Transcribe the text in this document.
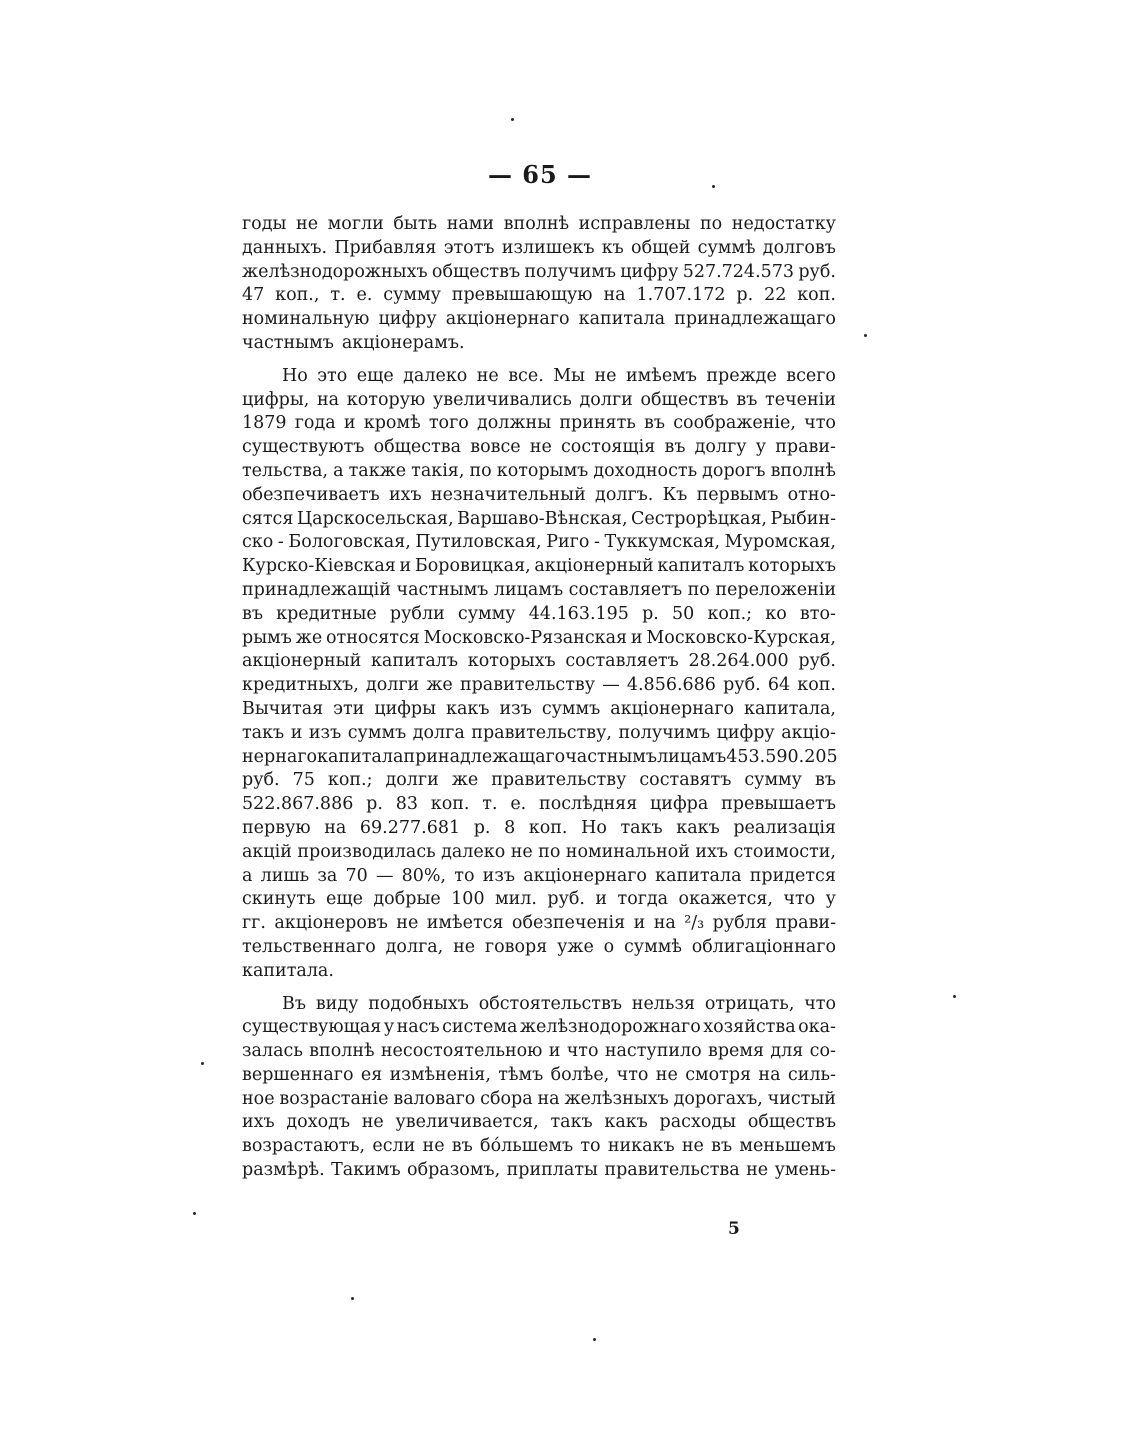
— 65 —
годы не могли быть нами вполнѣ исправлены по недостатку
данныхъ. Прибавляя этотъ излишекъ къ общей суммѣ долговъ
желѣзнодорожныхъ обществъ получимъ цифру 527.724.573 руб.
47 коп., т. е. сумму превышающую на 1.707.172 р. 22 коп.
номинальную цифру акціонернаго капитала принадлежащаго
частнымъ акціонерамъ.
Но это еще далеко не все. Мы не имѣемъ прежде всего
цифры, на которую увеличивались долги обществъ въ теченіи
1879 года и кромѣ того должны принять въ соображеніе, что
существуютъ общества вовсе не состоящія въ долгу у прави-
тельства, а также такія, по которымъ доходность дорогъ вполнѣ
обезпечиваетъ ихъ незначительный долгъ. Къ первымъ отно-
сятся Царскосельская, Варшаво-Вѣнская, Сестрорѣцкая, Рыбин-
ско - Бологовская, Путиловская, Риго - Туккумская, Муромская,
Курско-Кіевская и Боровицкая, акціонерный капиталъ которыхъ
принадлежащій частнымъ лицамъ составляетъ по переложеніи
въ кредитные рубли сумму 44.163.195 р. 50 коп.; ко вто-
рымъ же относятся Московско-Рязанская и Московско-Курская,
акціонерный капиталъ которыхъ составляетъ 28.264.000 руб.
кредитныхъ, долги же правительству — 4.856.686 руб. 64 коп.
Вычитая эти цифры какъ изъ суммъ акціонернаго капитала,
такъ и изъ суммъ долга правительству, получимъ цифру акціо-
нернаго капитала принадлежащаго частнымъ лицамъ 453.590.205
руб. 75 коп.; долги же правительству составятъ сумму въ
522.867.886 р. 83 коп. т. е. послѣдняя цифра превышаетъ
первую на 69.277.681 р. 8 коп. Но такъ какъ реализація
акцій производилась далеко не по номинальной ихъ стоимости,
а лишь за 70 — 80%, то изъ акціонернаго капитала придется
скинуть еще добрые 100 мил. руб. и тогда окажется, что у
гг. акціонеровъ не имѣется обезпеченія и на ²/₃ рубля прави-
тельственнаго долга, не говоря уже о суммѣ облигаціоннаго
капитала.
Въ виду подобныхъ обстоятельствъ нельзя отрицать, что
существующая у насъ система желѣзнодорожнаго хозяйства ока-
залась вполнѣ несостоятельною и что наступило время для со-
вершеннаго ея измѣненія, тѣмъ болѣе, что не смотря на силь-
ное возрастаніе валоваго сбора на желѣзныхъ дорогахъ, чистый
ихъ доходъ не увеличивается, такъ какъ расходы обществъ
возрастаютъ, если не въ бо́льшемъ то никакъ не въ меньшемъ
размѣрѣ. Такимъ образомъ, приплаты правительства не умень-
5
